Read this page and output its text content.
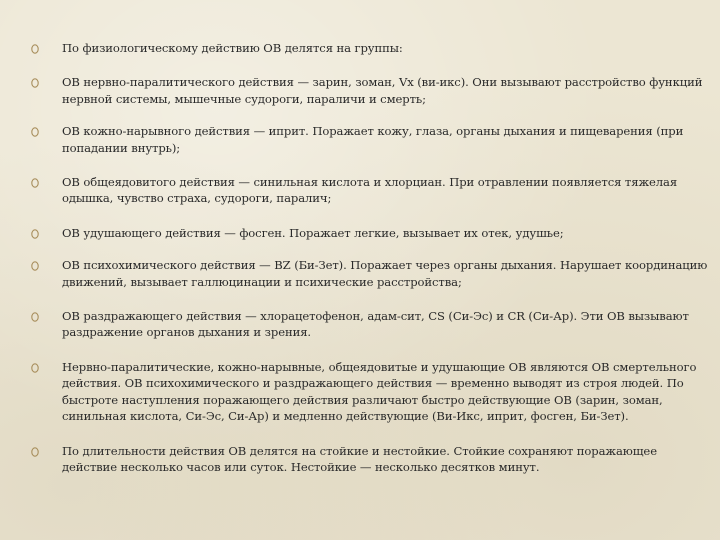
По физиологическому действию ОВ делятся на группы:
ОВ нервно-паралитического действия — зарин, зоман, Vx (ви-икс). Они вызывают расстройство функций нервной системы, мышечные судороги, параличи и смерть;
ОВ кожно-нарывного действия — иприт. Поражает кожу, глаза, органы дыхания и пищеварения (при попадании внутрь);
ОВ общеядовитого действия — синильная кислота и хлорциан. При отравлении появляется тяжелая одышка, чувство страха, судороги, паралич;
ОВ удушающего действия — фосген. Поражает легкие, вызывает их отек, удушье;
ОВ психохимического действия — BZ (Би-Зет). Поражает через органы дыхания. Нарушает координацию движений, вызывает галлюцинации и психические расстройства;
ОВ раздражающего действия — хлорацетофенон, адам-сит, CS (Си-Эс) и CR (Си-Ар). Эти ОВ вызывают раздражение органов дыхания и зрения.
Нервно-паралитические, кожно-нарывные, общеядовитые и удушающие ОВ являются ОВ смертельного действия. ОВ психохимического и раздражающего действия — временно выводят из строя людей. По быстроте наступления поражающего действия различают быстро действующие ОВ (зарин, зоман, синильная кислота, Си-Эс, Си-Ар) и медленно действующие (Ви-Икс, иприт, фосген, Би-Зет).
По длительности действия ОВ делятся на стойкие и нестойкие. Стойкие сохраняют поражающее действие несколько часов или суток. Нестойкие — несколько десятков минут.
